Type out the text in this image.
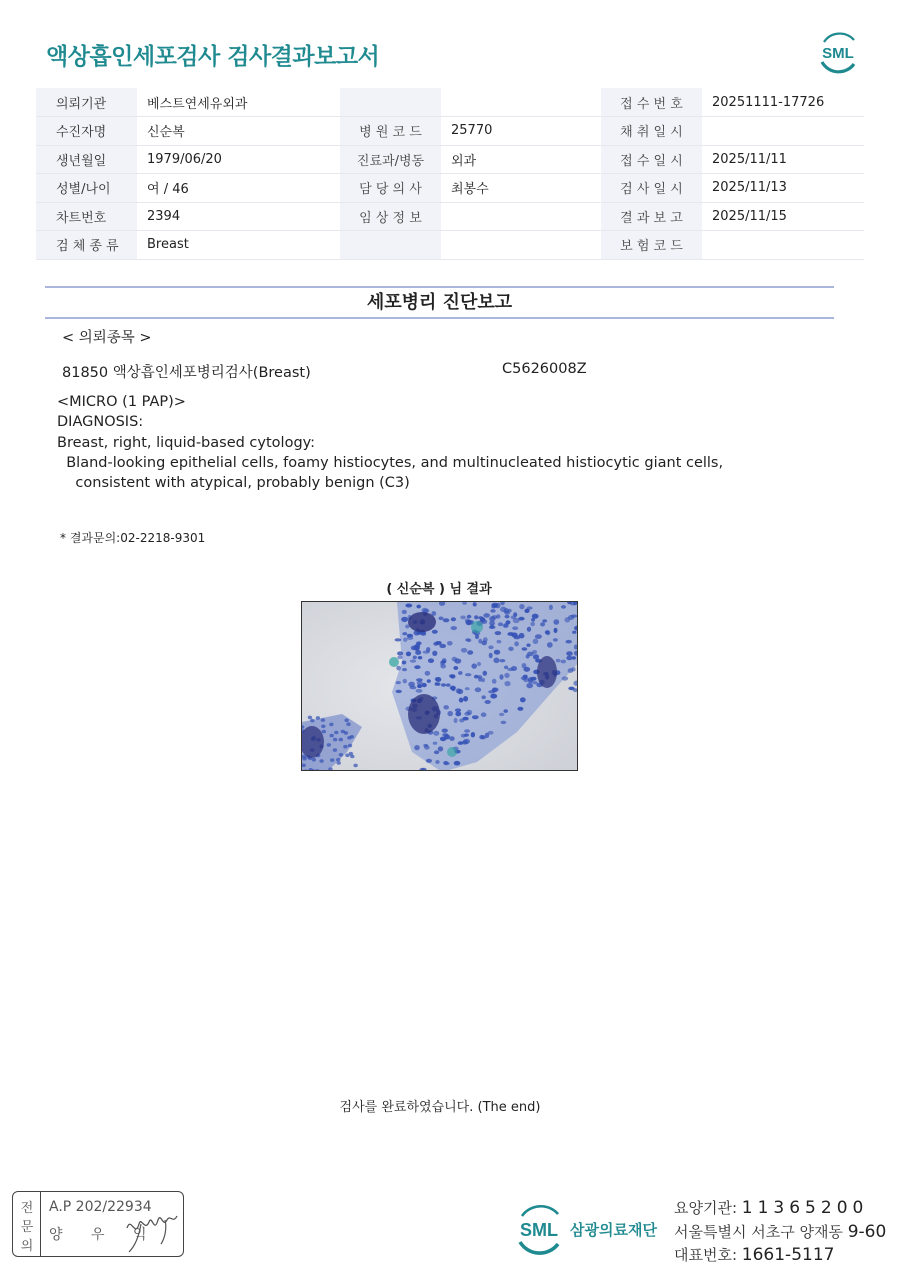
액상흡인세포검사 검사결과보고서	SML
의뢰기관	베스트연세유외과			접 수 번 호	20251111-17726
수진자명	신순복	병 원 코 드	25770	채 취 일 시	
생년월일	1979/06/20	진료과/병동	외과	접 수 일 시	2025/11/11
성별/나이	여 / 46	담 당 의 사	최봉수	검 사 일 시	2025/11/13
차트번호	2394	임 상 정 보		결 과 보 고	2025/11/15
검 체 종 류	Breast			보 험 코 드	
세포병리 진단보고
< 의뢰종목 >
81850 액상흡인세포병리검사(Breast)	C5626008Z
<MICRO (1 PAP)>
DIAGNOSIS:
Breast, right, liquid-based cytology:
Bland-looking epithelial cells, foamy histiocytes, and multinucleated histiocytic giant cells,
consistent with atypical, probably benign (C3)
* 결과문의:02-2218-9301
( 신순복 ) 님 결과
검사를 완료하였습니다. (The end)
전
문
의
A.P 202/22934
양 우 익	SML 삼광의료재단
요양기관: 11365200
서울특별시 서초구 양재동 9-60
대표번호: 1661-5117
